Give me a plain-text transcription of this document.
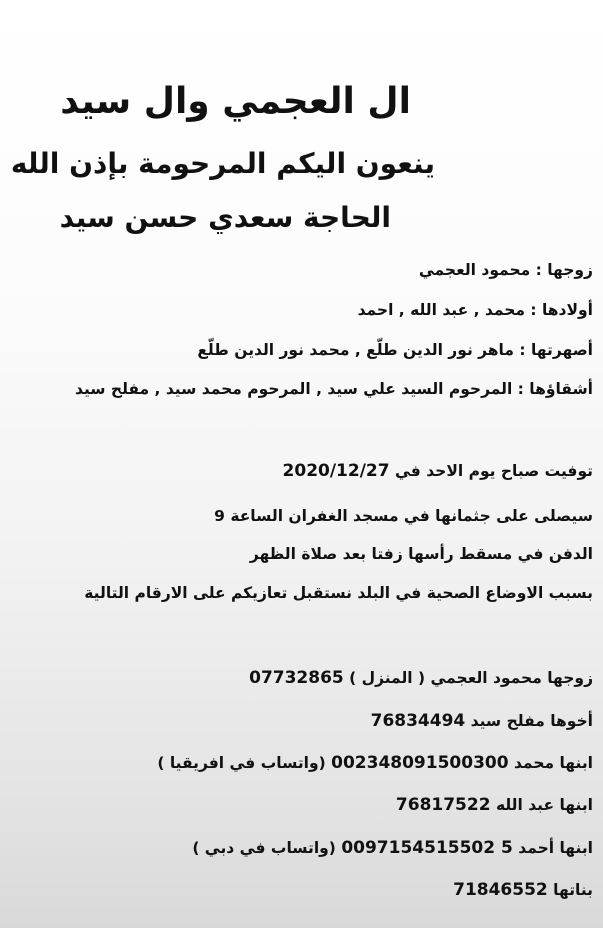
ال العجمي وال سيد
ينعون اليكم المرحومة بإذن الله
الحاجة سعدي حسن سيد
زوجها : محمود العجمي
أولادها : محمد , عبد الله , احمد
أصهرتها : ماهر نور الدين طلّع , محمد نور الدين طلّع
أشقاؤها : المرحوم السيد علي سيد , المرحوم محمد سيد , مفلح سيد
توفيت صباح يوم الاحد في 2020/12/27
سيصلى على جثمانها في مسجد الغفران الساعة 9
الدفن في مسقط رأسها زفتا بعد صلاة الظهر
بسبب الاوضاع الصحية في البلد نستقبل تعازيكم على الارقام التالية
زوجها محمود العجمي ( المنزل ) 07732865
أخوها مفلح سيد 76834494
ابنها محمد 002348091500300 (واتساب في افريقيا )
ابنها عبد الله 76817522
ابنها أحمد 0097154515502 5 (واتساب في دبي )
بناتها 71846552
